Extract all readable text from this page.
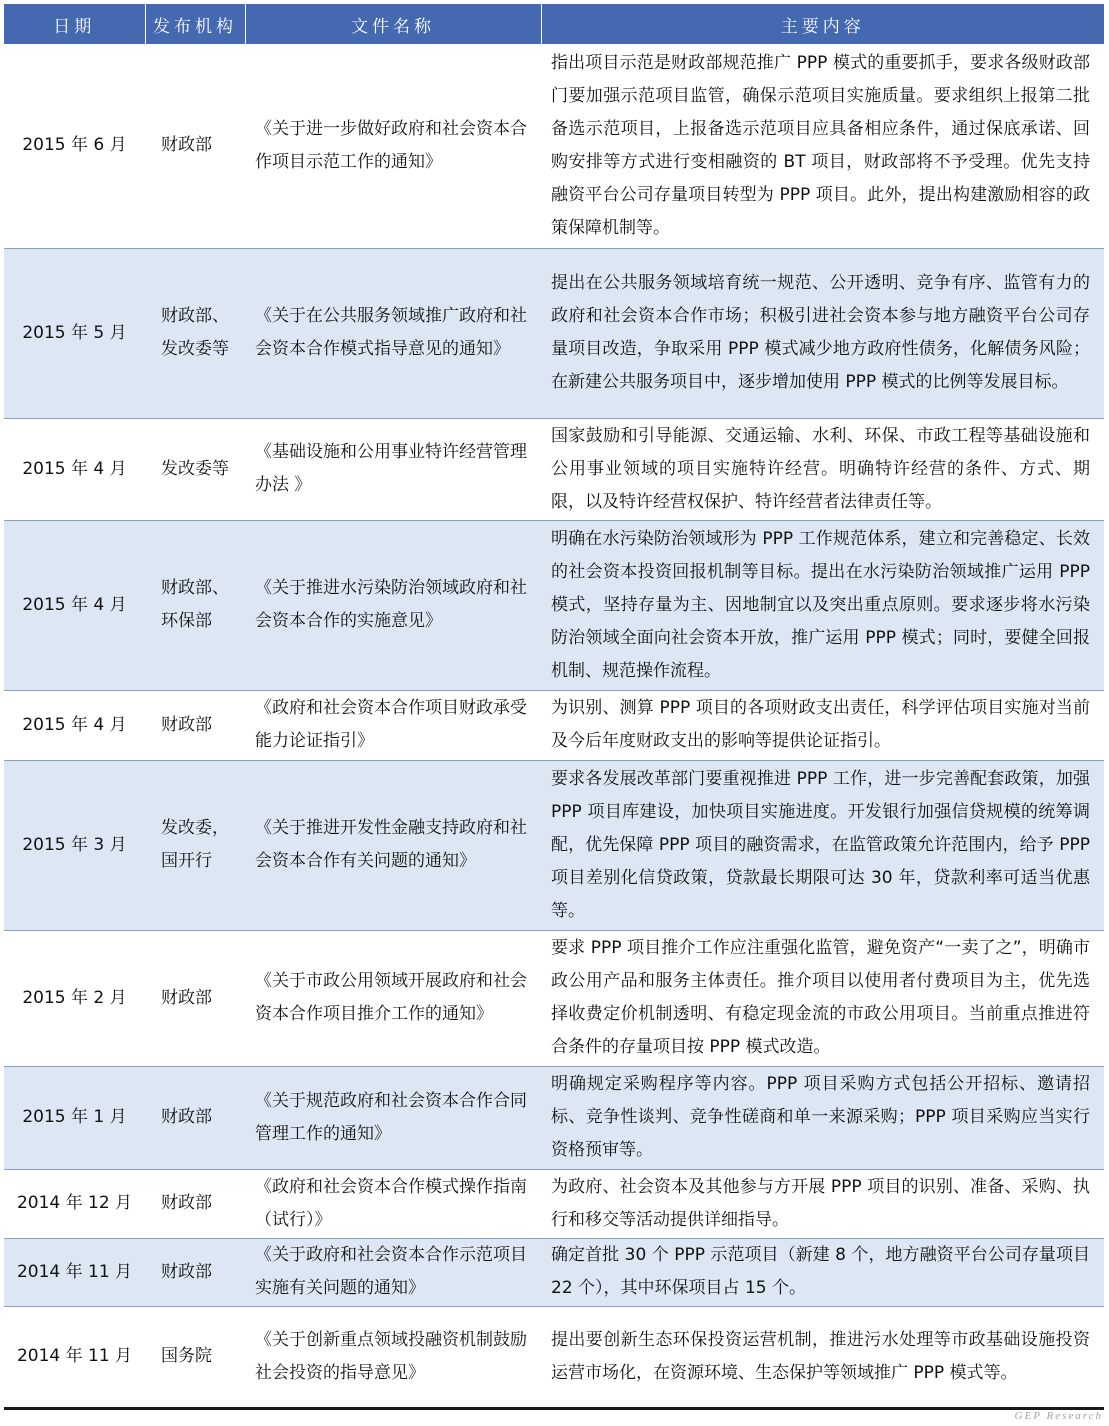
日期	发布机构	文件名称	主要内容
2015 年 6 月	财政部	《关于进一步做好政府和社会资本合作项目示范工作的通知》	指出项目示范是财政部规范推广 PPP 模式的重要抓手，要求各级财政部门要加强示范项目监管，确保示范项目实施质量。要求组织上报第二批备选示范项目，上报备选示范项目应具备相应条件，通过保底承诺、回购安排等方式进行变相融资的 BT 项目，财政部将不予受理。优先支持融资平台公司存量项目转型为 PPP 项目。此外，提出构建激励相容的政策保障机制等。
2015 年 5 月	财政部、发改委等	《关于在公共服务领域推广政府和社会资本合作模式指导意见的通知》	提出在公共服务领域培育统一规范、公开透明、竞争有序、监管有力的政府和社会资本合作市场；积极引进社会资本参与地方融资平台公司存量项目改造，争取采用 PPP 模式减少地方政府性债务，化解债务风险；在新建公共服务项目中，逐步增加使用 PPP 模式的比例等发展目标。
2015 年 4 月	发改委等	《基础设施和公用事业特许经营管理办法 》	国家鼓励和引导能源、交通运输、水利、环保、市政工程等基础设施和公用事业领域的项目实施特许经营。明确特许经营的条件、方式、期限，以及特许经营权保护、特许经营者法律责任等。
2015 年 4 月	财政部、环保部	《关于推进水污染防治领域政府和社会资本合作的实施意见》	明确在水污染防治领域形为 PPP 工作规范体系，建立和完善稳定、长效的社会资本投资回报机制等目标。提出在水污染防治领域推广运用 PPP 模式，坚持存量为主、因地制宜以及突出重点原则。要求逐步将水污染防治领域全面向社会资本开放，推广运用 PPP 模式；同时，要健全回报机制、规范操作流程。
2015 年 4 月	财政部	《政府和社会资本合作项目财政承受能力论证指引》	为识别、测算 PPP 项目的各项财政支出责任，科学评估项目实施对当前及今后年度财政支出的影响等提供论证指引。
2015 年 3 月	发改委，国开行	《关于推进开发性金融支持政府和社会资本合作有关问题的通知》	要求各发展改革部门要重视推进 PPP 工作，进一步完善配套政策，加强 PPP 项目库建设，加快项目实施进度。开发银行加强信贷规模的统筹调配，优先保障 PPP 项目的融资需求，在监管政策允许范围内，给予 PPP 项目差别化信贷政策，贷款最长期限可达 30 年，贷款利率可适当优惠等。
2015 年 2 月	财政部	《关于市政公用领域开展政府和社会资本合作项目推介工作的通知》	要求 PPP 项目推介工作应注重强化监管，避免资产“一卖了之”，明确市政公用产品和服务主体责任。推介项目以使用者付费项目为主，优先选择收费定价机制透明、有稳定现金流的市政公用项目。当前重点推进符合条件的存量项目按 PPP 模式改造。
2015 年 1 月	财政部	《关于规范政府和社会资本合作合同管理工作的通知》	明确规定采购程序等内容。PPP 项目采购方式包括公开招标、邀请招标、竞争性谈判、竞争性磋商和单一来源采购；PPP 项目采购应当实行资格预审等。
2014 年 12 月	财政部	《政府和社会资本合作模式操作指南（试行）》	为政府、社会资本及其他参与方开展 PPP 项目的识别、准备、采购、执行和移交等活动提供详细指导。
2014 年 11 月	财政部	《关于政府和社会资本合作示范项目实施有关问题的通知》	确定首批 30 个 PPP 示范项目（新建 8 个，地方融资平台公司存量项目 22 个），其中环保项目占 15 个。
2014 年 11 月	国务院	《关于创新重点领域投融资机制鼓励社会投资的指导意见》	提出要创新生态环保投资运营机制，推进污水处理等市政基础设施投资运营市场化，在资源环境、生态保护等领域推广 PPP 模式等。
GEP Research
